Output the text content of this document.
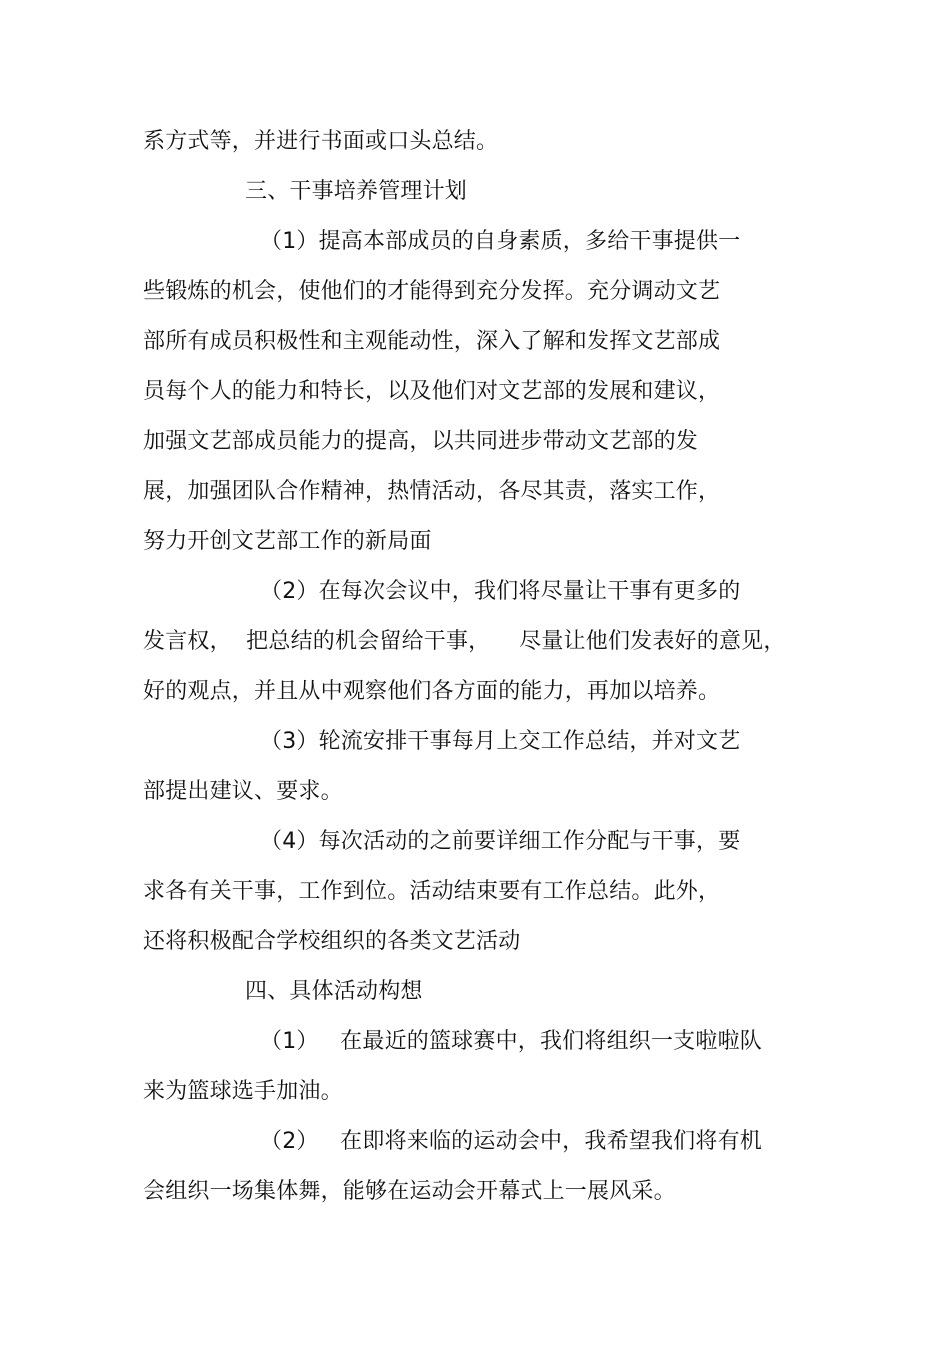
系方式等，并进行书面或口头总结。
三、干事培养管理计划
（1）提高本部成员的自身素质，多给干事提供一
些锻炼的机会，使他们的才能得到充分发挥。充分调动文艺
部所有成员积极性和主观能动性，深入了解和发挥文艺部成
员每个人的能力和特长，以及他们对文艺部的发展和建议，
加强文艺部成员能力的提高，以共同进步带动文艺部的发
展，加强团队合作精神，热情活动，各尽其责，落实工作，
努力开创文艺部工作的新局面
（2）在每次会议中，我们将尽量让干事有更多的
发言权，  把总结的机会留给干事，    尽量让他们发表好的意见，
好的观点，并且从中观察他们各方面的能力，再加以培养。
（3）轮流安排干事每月上交工作总结，并对文艺
部提出建议、要求。
（4）每次活动的之前要详细工作分配与干事，要
求各有关干事，工作到位。活动结束要有工作总结。此外，
还将积极配合学校组织的各类文艺活动
四、具体活动构想
（1）   在最近的篮球赛中，我们将组织一支啦啦队
来为篮球选手加油。
（2）   在即将来临的运动会中，我希望我们将有机
会组织一场集体舞，能够在运动会开幕式上一展风采。
